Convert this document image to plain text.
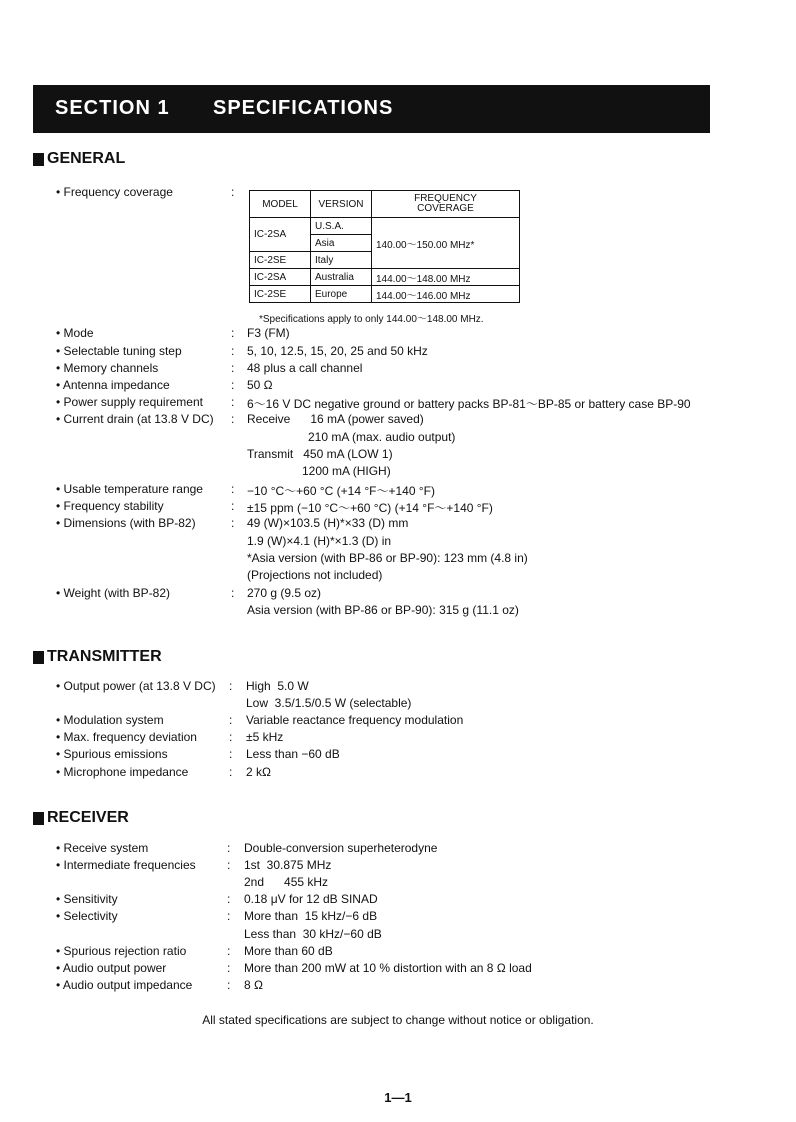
SECTION 1 SPECIFICATIONS
GENERAL
• Frequency coverage	:
MODEL	VERSION	FREQUENCY COVERAGE
IC-2SA	U.S.A.	140.00～150.00 MHz*
	Asia	
IC-2SE	Italy	
IC-2SA	Australia	144.00～148.00 MHz
IC-2SE	Europe	144.00～146.00 MHz
*Specifications apply to only 144.00～148.00 MHz.
• Mode	: F3 (FM)
• Selectable tuning step	: 5, 10, 12.5, 15, 20, 25 and 50 kHz
• Memory channels	: 48 plus a call channel
• Antenna impedance	: 50 Ω
• Power supply requirement : 6～16 V DC negative ground or battery packs BP-81～BP-85 or battery case BP-90
• Current drain (at 13.8 V DC) : Receive      16 mA (power saved)
210 mA (max. audio output)
Transmit   450 mA (LOW 1)
1200 mA (HIGH)
• Usable temperature range : −10 °C～+60 °C (+14 °F～+140 °F)
• Frequency stability	: ±15 ppm (−10 °C～+60 °C) (+14 °F～+140 °F)
• Dimensions (with BP-82)	: 49 (W)×103.5 (H)*×33 (D) mm
1.9 (W)×4.1 (H)*×1.3 (D) in
*Asia version (with BP-86 or BP-90): 123 mm (4.8 in)
(Projections not included)
• Weight (with BP-82)	: 270 g (9.5 oz)
Asia version (with BP-86 or BP-90): 315 g (11.1 oz)
TRANSMITTER
• Output power (at 13.8 V DC) : High  5.0 W
Low  3.5/1.5/0.5 W (selectable)
• Modulation system	: Variable reactance frequency modulation
• Max. frequency deviation	: ±5 kHz
• Spurious emissions	: Less than −60 dB
• Microphone impedance	: 2 kΩ
RECEIVER
• Receive system	: Double-conversion superheterodyne
• Intermediate frequencies	: 1st  30.875 MHz
2nd      455 kHz
• Sensitivity	: 0.18 μV for 12 dB SINAD
• Selectivity	: More than  15 kHz/−6 dB
Less than  30 kHz/−60 dB
• Spurious rejection ratio	: More than 60 dB
• Audio output power	: More than 200 mW at 10 % distortion with an 8 Ω load
• Audio output impedance	: 8 Ω
All stated specifications are subject to change without notice or obligation.
1—1
